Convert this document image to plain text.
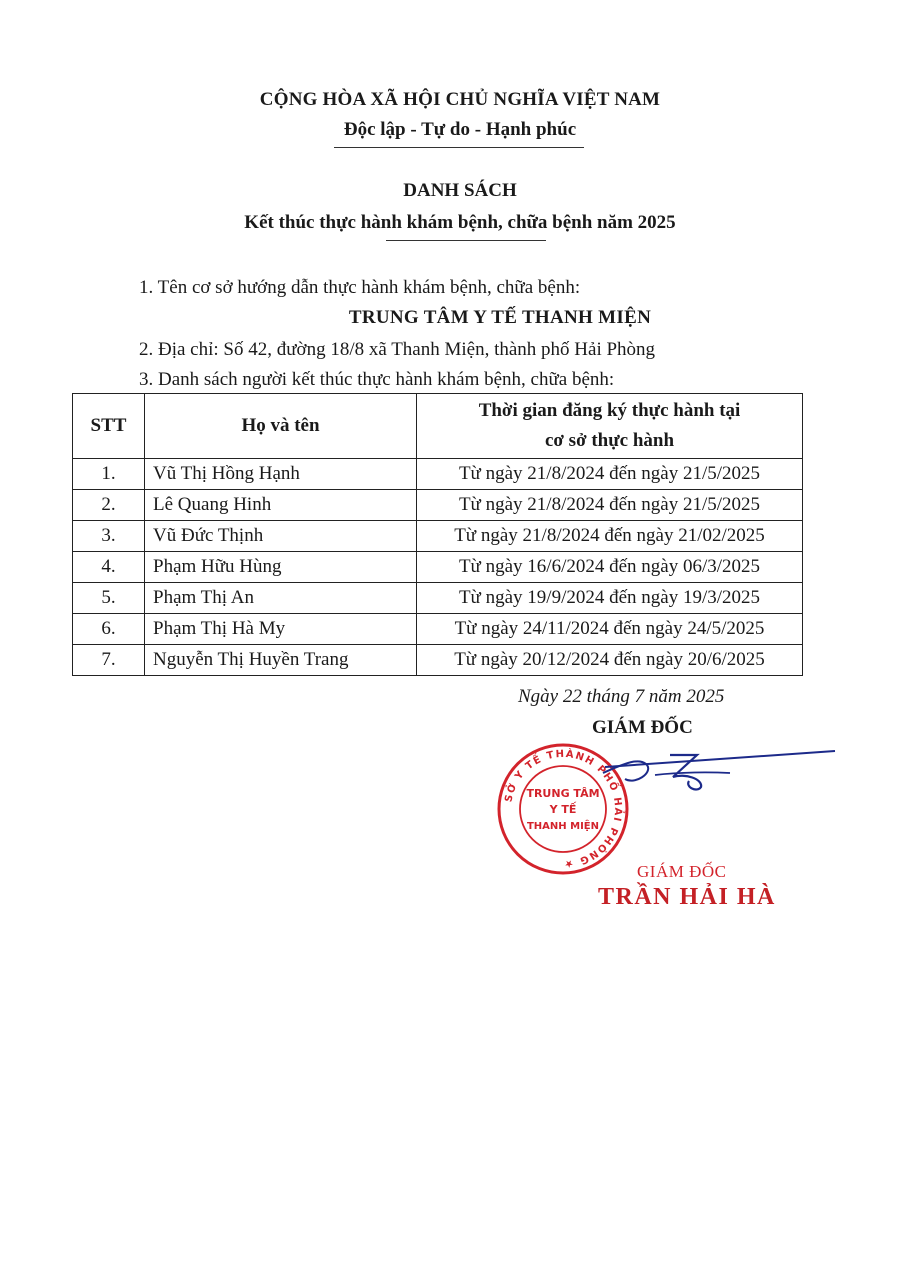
CỘNG HÒA XÃ HỘI CHỦ NGHĨA VIỆT NAM
Độc lập - Tự do - Hạnh phúc
DANH SÁCH
Kết thúc thực hành khám bệnh, chữa bệnh năm 2025
1. Tên cơ sở hướng dẫn thực hành khám bệnh, chữa bệnh:
TRUNG TÂM Y TẾ THANH MIỆN
2. Địa chỉ: Số 42, đường 18/8 xã Thanh Miện, thành phố Hải Phòng
3. Danh sách người kết thúc thực hành khám bệnh, chữa bệnh:
STT	Họ và tên	Thời gian đăng ký thực hành tại
cơ sở thực hành

1.	Vũ Thị Hồng Hạnh	Từ ngày 21/8/2024 đến ngày 21/5/2025
2.	Lê Quang Hinh	Từ ngày 21/8/2024 đến ngày 21/5/2025
3.	Vũ Đức Thịnh	Từ ngày 21/8/2024 đến ngày 21/02/2025
4.	Phạm Hữu Hùng	Từ ngày 16/6/2024 đến ngày 06/3/2025
5.	Phạm Thị An	Từ ngày 19/9/2024 đến ngày 19/3/2025
6.	Phạm Thị Hà My	Từ ngày 24/11/2024 đến ngày 24/5/2025
7.	Nguyễn Thị Huyền Trang	Từ ngày 20/12/2024 đến ngày 20/6/2025
Ngày 22 tháng 7 năm 2025
GIÁM ĐỐC
SỞ Y TẾ THÀNH PHỐ HẢI PHÒNG ★
TRUNG TÂM
Y TẾ
THANH MIỆN
GIÁM ĐỐC
TRẦN HẢI HÀ
